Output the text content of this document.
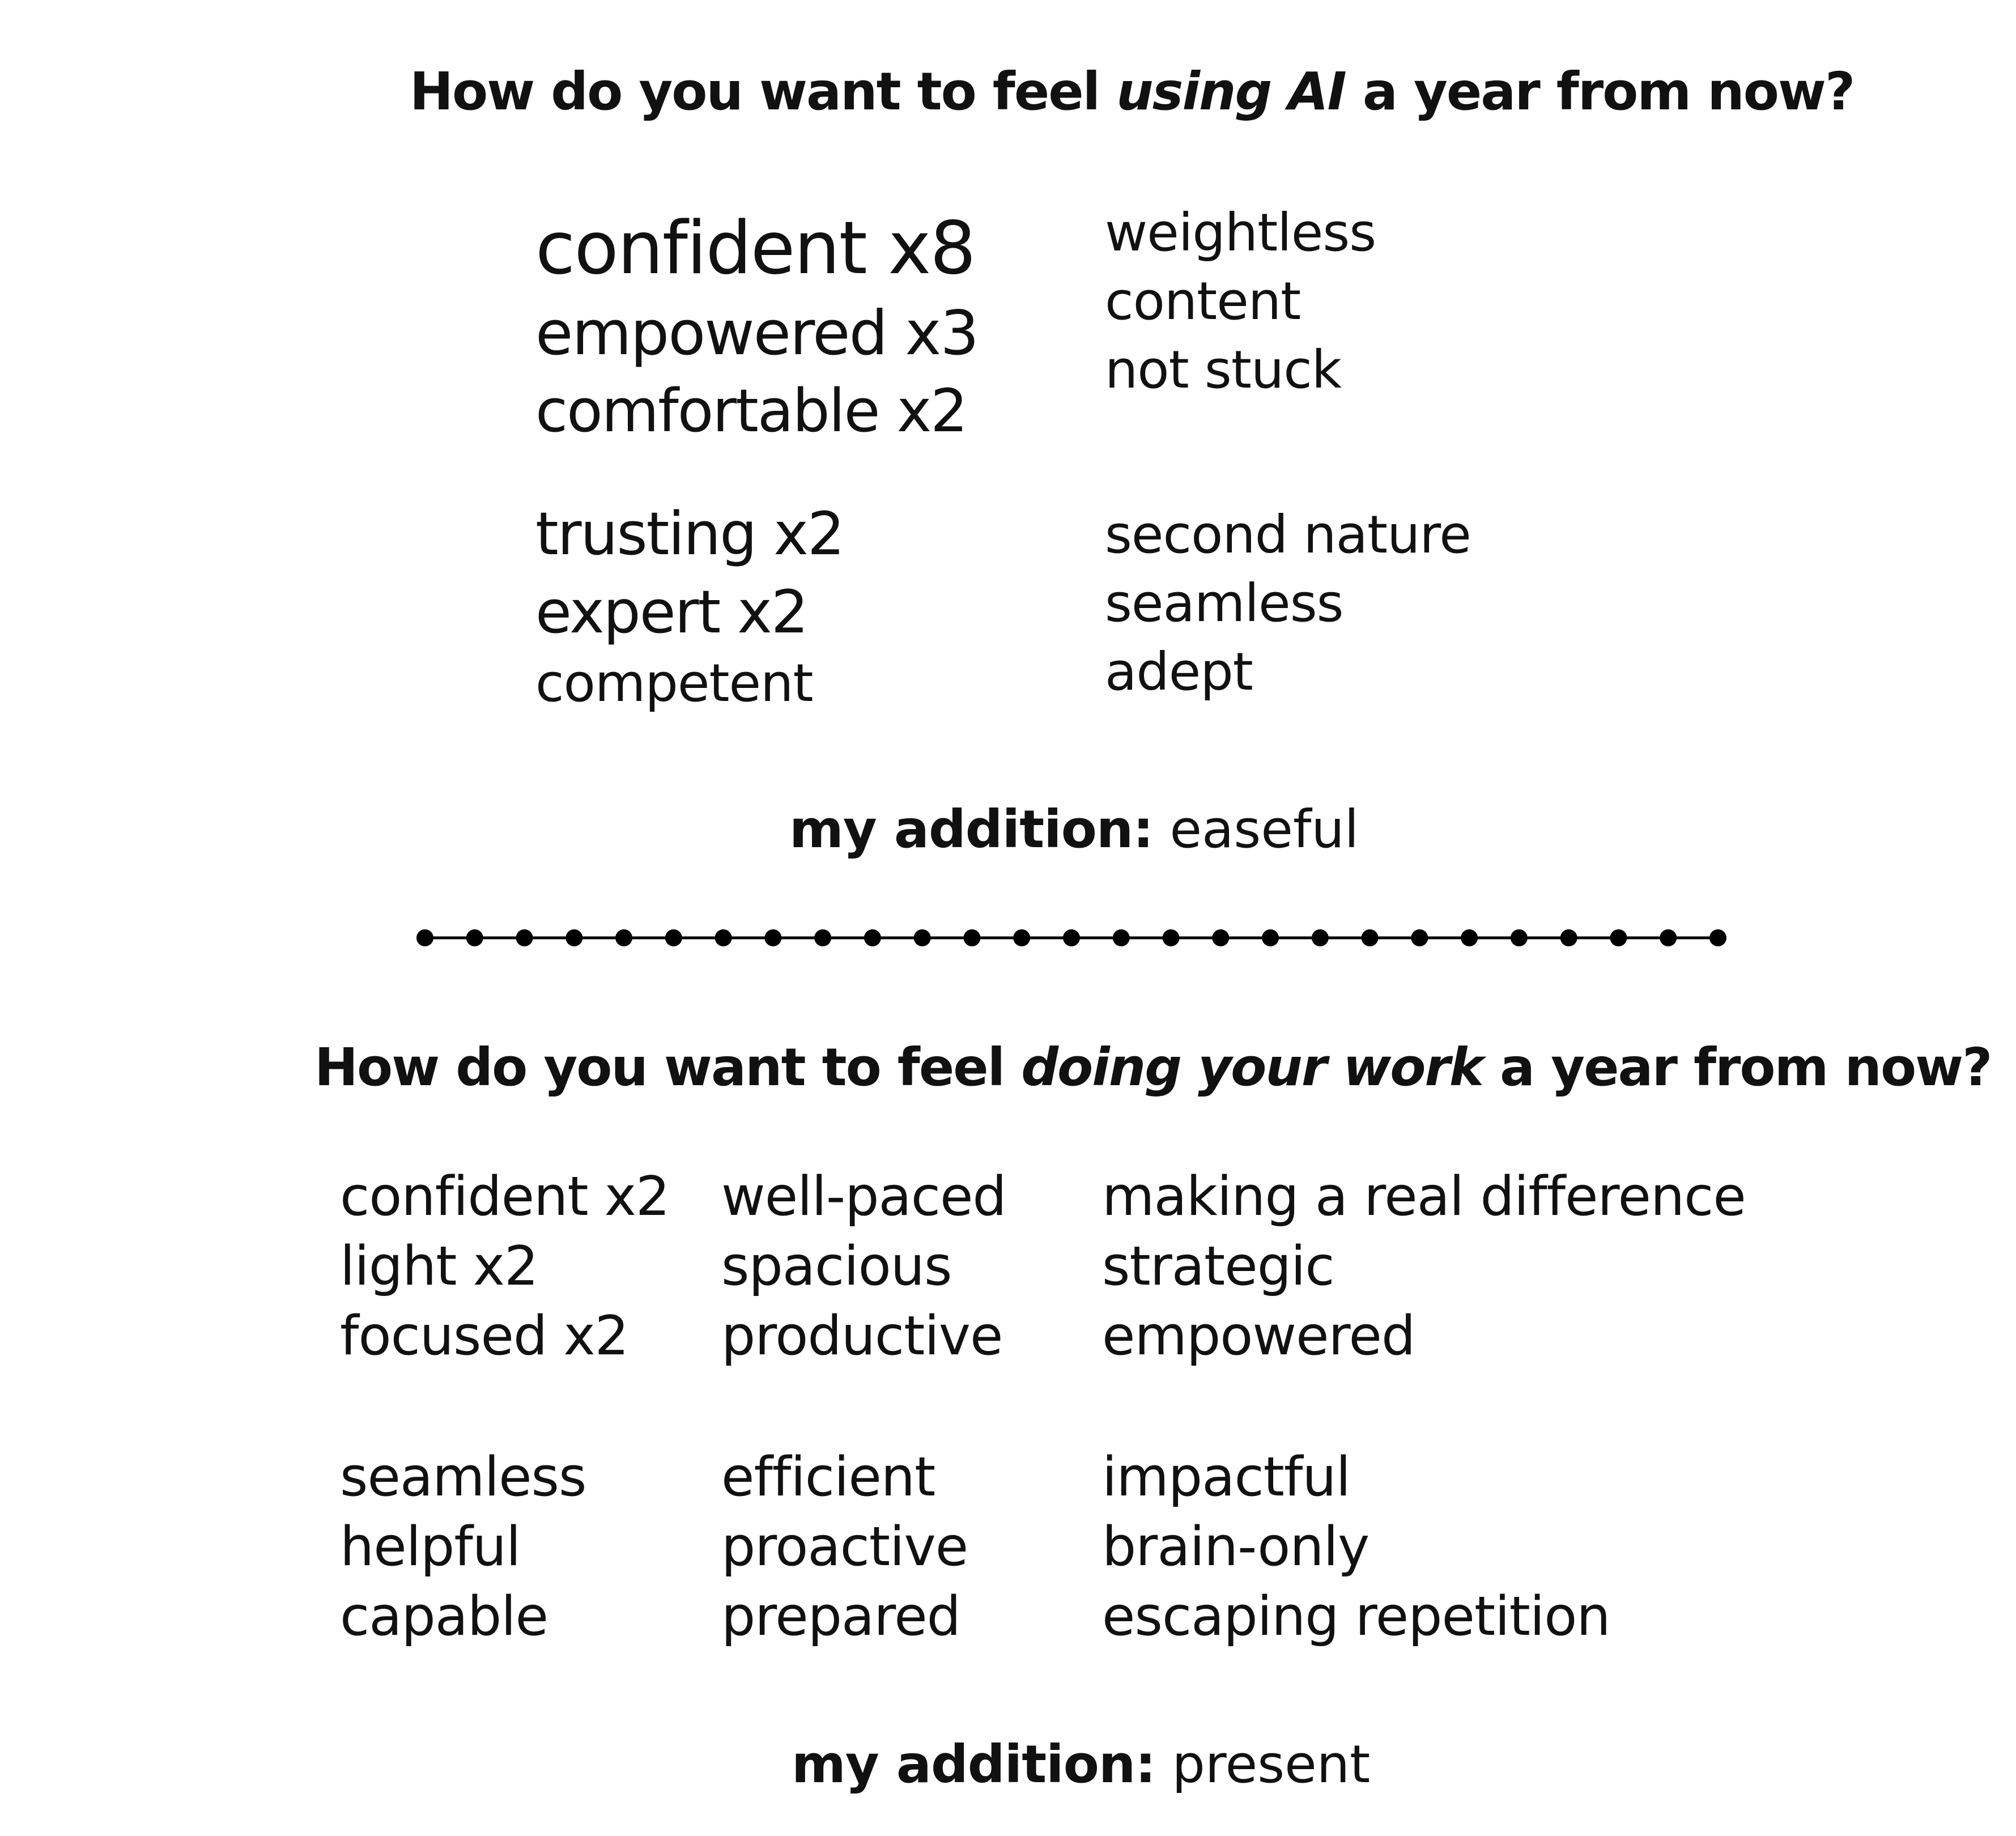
How do you want to feel using AI a year from now?
confident x8
empowered x3
comfortable x2
trusting x2
expert x2
competent
weightless
content
not stuck
second nature
seamless
adept
my addition: easeful
How do you want to feel doing your work a year from now?
confident x2
light x2
focused x2
well-paced
spacious
productive
making a real difference
strategic
empowered
seamless
helpful
capable
efficient
proactive
prepared
impactful
brain-only
escaping repetition
my addition: present
